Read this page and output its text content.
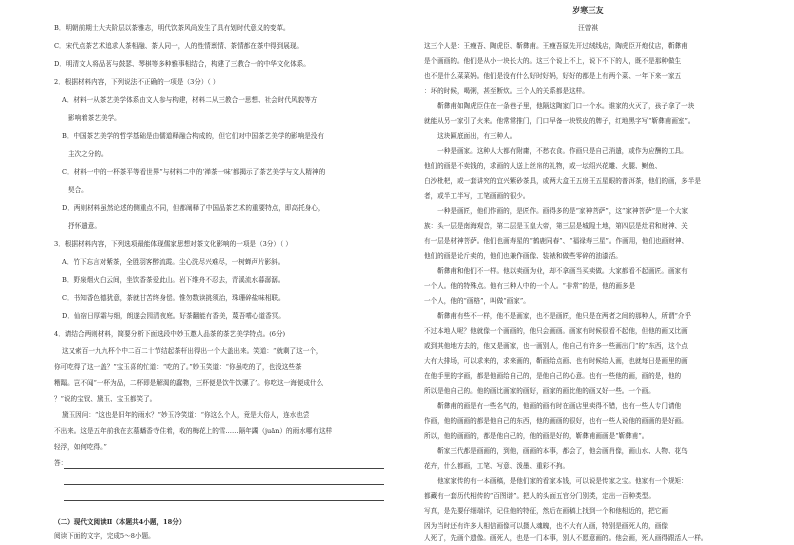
B．明朝前期士大夫阶层以茶雅志，明代饮茶风尚发生了具有划时代意义的变革。
C．宋代点茶艺术追求人茶相融、茶人同一，人的性情禀情、茶情都在茶中得到展现。
D．明清文人将品茗与鼓瑟、琴棋等多种雅事相结合，构建了三教合一的中华文化体系。
2．根据材料内容，下列说法不正确的一项是（3分）（ ）
A．材料一从茶艺美学体系由文人参与构建，材料二从三教合一思想、社会时代风貌等方
影响着茶艺美学。
B．中国茶艺美学的哲学基础是由儒道释融合构成的，但它们对中国茶艺美学的影响是没有
主次之分的。
C．材料一中的一杯茶平等看世界”与材料二中的‘禅茶一味’都揭示了茶艺美学与文人精神的
契合。
D．两则材料虽然论述的侧重点不同，但都阐释了中国品茶艺术的重要特点，即高托身心，
抒怀遣意。
3．根据材料内容，下列选项最能体现儒家思想对茶文化影响的一项是（3分）（ ）
A．竹下忘言对紫茶，全胜羽客醉流霞。尘心洗尽兴难尽，一树蝉声片影斜。
B．野泉烟火白云间，坐饮香茶爱此山。岩下维舟不忍去，青溪流水暮潺潺。
C．书知香色德犹意，茶就甘苦终身偿。惟勿数读挑须治，珠珊碎盐味相联。
D．仙宿日厚霜与细，朗遂会园清夜庭。好茶翻能有香美，蔑吾嗜心道香冥。
4．请结合两则材料，简要分析下面选段中妙玉邀人品茶的茶艺美学特点。(6分)
这又索百一九九杯个中二百二十节结起茶杆出得出一个大盖出来。笑道：“就剩了这一个，
你可吃得了这一盖？”宝玉喜的忙道：“吃的了。”妙玉笑道：“你虽吃的了，也没这些茶
糟蹋。岂不闻“一杯为品，二杯即是解渴的蠢物，三杯便是饮牛饮骡了’。你吃这一海便成什么
？”说的宝钗、黛玉、宝玉都笑了。
黛玉因问：“这也是旧年的雨水？”妙玉冷笑道：“你这么个人，竟是大俗人，连水也尝
不出来。这是五年前我在玄墓蟠香寺住着，收的梅花上的雪……隔年蠲（juān）的雨水哪有这样
轻浮，如何吃得。”
答：
（二）现代文阅读Ⅱ（本题共4小题，18分）
阅读下面的文字，完成5～8小题。
岁寒三友
汪曾祺
这三个人是：王瘦吾、陶虎臣、靳彝甫。王瘦吾原先开过绒线店，陶虎臣开炮仗店，靳彝甫
是个画画的。他们是从小一块长大的。这三个说上不上，说下不下的人，既不是那种做生
也不是什么菜菜妈。他们是没有什么好时好妈，好好的都是上有两个菜、一年下来一家五
：坏的时候，喝粥，甚至断炊。三个人的关系都是这样。
　　靳彝甫如陶虎臣住在一条巷子里，他隔这陶家门口一个水。谁家的火灭了，孩子拿了一块
就能从另一家引了火来。他常常推门，门口早备一块铁皮的牌子，红地黑字写“靳彝甫画室”。
　　这块匾底面出，有三种人。
　　一种是画家。这种人大都有附庸，不愁衣食。作画只是自己消遣，或作为应酬的工具。
他们的画是不卖钱的，求画的人送上丝帛的礼物，或一坛绍兴花雕、火腿、鲥鱼、
白沙枇杷，或一套讲究的宜兴紫砂茶具，或两大盒王五房王五星眼的普洱茶，他们的画，多半是
者，或半工半写，工笔画画的很少。
　　一种是画匠，他们作画的，是匠作。画得多的是“家神菩萨”，这“家神菩萨”是一个大家
族：头一层是南海观音，第二层是玉皇大帝，第三层是城隍土地，第四层是灶君和财神、关
有一层是材神菩萨。他们也画寿星的“鹤鹿同春”、“福禄寿三星”。作画用，他们也画财神、
他们的画是论斤卖的，他们也兼作画像、装裱和做些零碎的油漆活。
　　靳彝甫和他们不一样。他以卖画为业，却不拿画当买卖做。大家都看不起画匠。画家有
一个人。他的特殊点。他有三种人中的一个人。“非常”的是，他的画多是
一个人，他的“画格”，叫做“画家”。
　　靳彝甫有些不一样，他不是画家，也不是画匠，他只是在两者之间的那种人，所谓“介乎
不过本地人呢？他就像一个画画的，他只会画画。画家有时候很看不起他，但他的画又比画
或到其他地方去的，他又是画家，也一画别人，他自己有许多一些画出门“的”东西，这个点
大有大排场，可以求来的，求来画的，靳画给点画、也有时候给人画，也就每日是画里的画
在他手里的字画，都是他画给自己的，是他自己的心意。也有一些他的画，画的是，他的
所以是他自己的。他的画比画家的画好，画家的画比他的画又好一些。一个画。
　　靳彝甫的画是有一些名气的，他画的画有时在画店里卖得不错，也有一些人专门请他
作画，他的画画的都是他自己的东西，他的画画的很好，也有一些人说他的画画的是好画。
所以，他的画画的，都是他自己的，他的画是好的，靳彝甫画画是“靳彝甫”。
　　靳家三代都是画画的，到他，画画的本事，都会了，他会画肖像，画山水、人物、花鸟
花卉，什么都画，工笔、写意、泼墨、重彩不拘。
　　他家家传的有一本画稿，是他们家的看家本钱，可以说是传家之宝。他家有一个规矩：
都藏有一套历代相传的“百图谱”。把人的头面五官分门别类，定出一百种类型。
写真，是先要仔细端详，记住他的特征，然后在画稿上找到一个和他相近的，把它画
因为当时还有许多人相信画像可以摄人魂魄，也不大有人画，特别是画死人的，画像
人死了，先画个遗像。画死人，也是一门本事，别人不愿意画的。他会画，死人画得跟活人一样。
